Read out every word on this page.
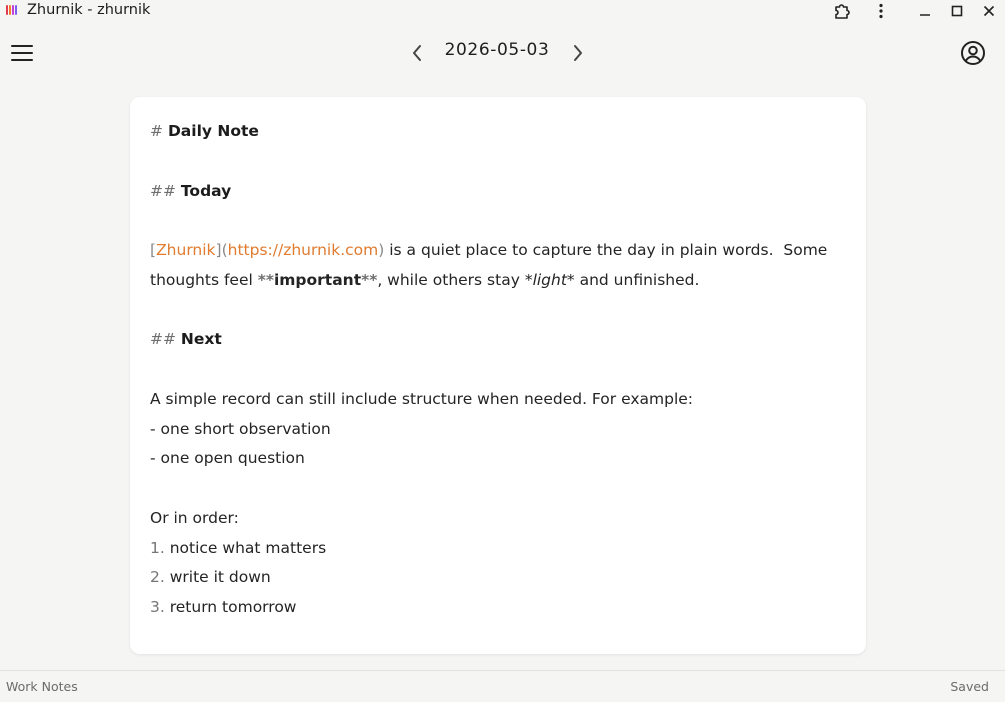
Zhurnik - zhurnik
2026-05-03
# Daily Note
## Today
[Zhurnik](https://zhurnik.com) is a quiet place to capture the day in plain words.  Some
thoughts feel **important**, while others stay *light* and unfinished.
## Next
A simple record can still include structure when needed. For example:
- one short observation
- one open question
Or in order:
1. notice what matters
2. write it down
3. return tomorrow
Work Notes	Saved
